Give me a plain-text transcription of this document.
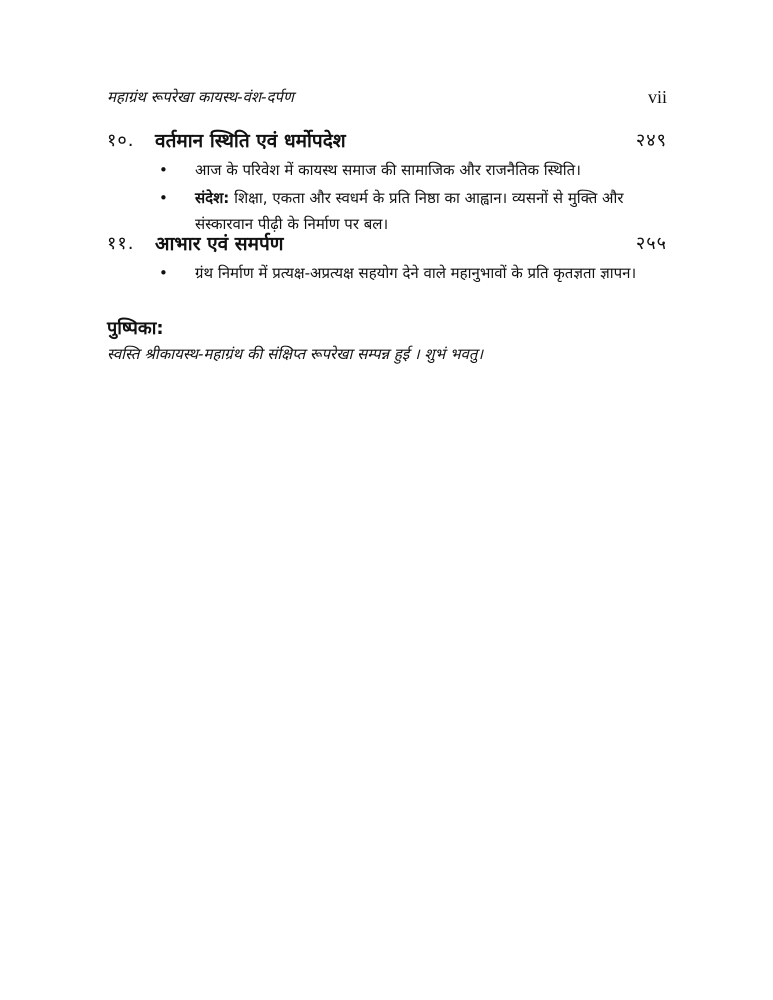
महाग्रंथ रूपरेखा कायस्थ-वंश-दर्पण	vii
१०. वर्तमान स्थिति एवं धर्मोपदेश	२४९
• आज के परिवेश में कायस्थ समाज की सामाजिक और राजनैतिक स्थिति।
• संदेश: शिक्षा, एकता और स्वधर्म के प्रति निष्ठा का आह्वान। व्यसनों से मुक्ति और संस्कारवान पीढ़ी के निर्माण पर बल।
११. आभार एवं समर्पण	२५५
• ग्रंथ निर्माण में प्रत्यक्ष-अप्रत्यक्ष सहयोग देने वाले महानुभावों के प्रति कृतज्ञता ज्ञापन।
पुष्पिका:
स्वस्ति श्रीकायस्थ-महाग्रंथ की संक्षिप्त रूपरेखा सम्पन्न हुई । शुभं भवतु।
